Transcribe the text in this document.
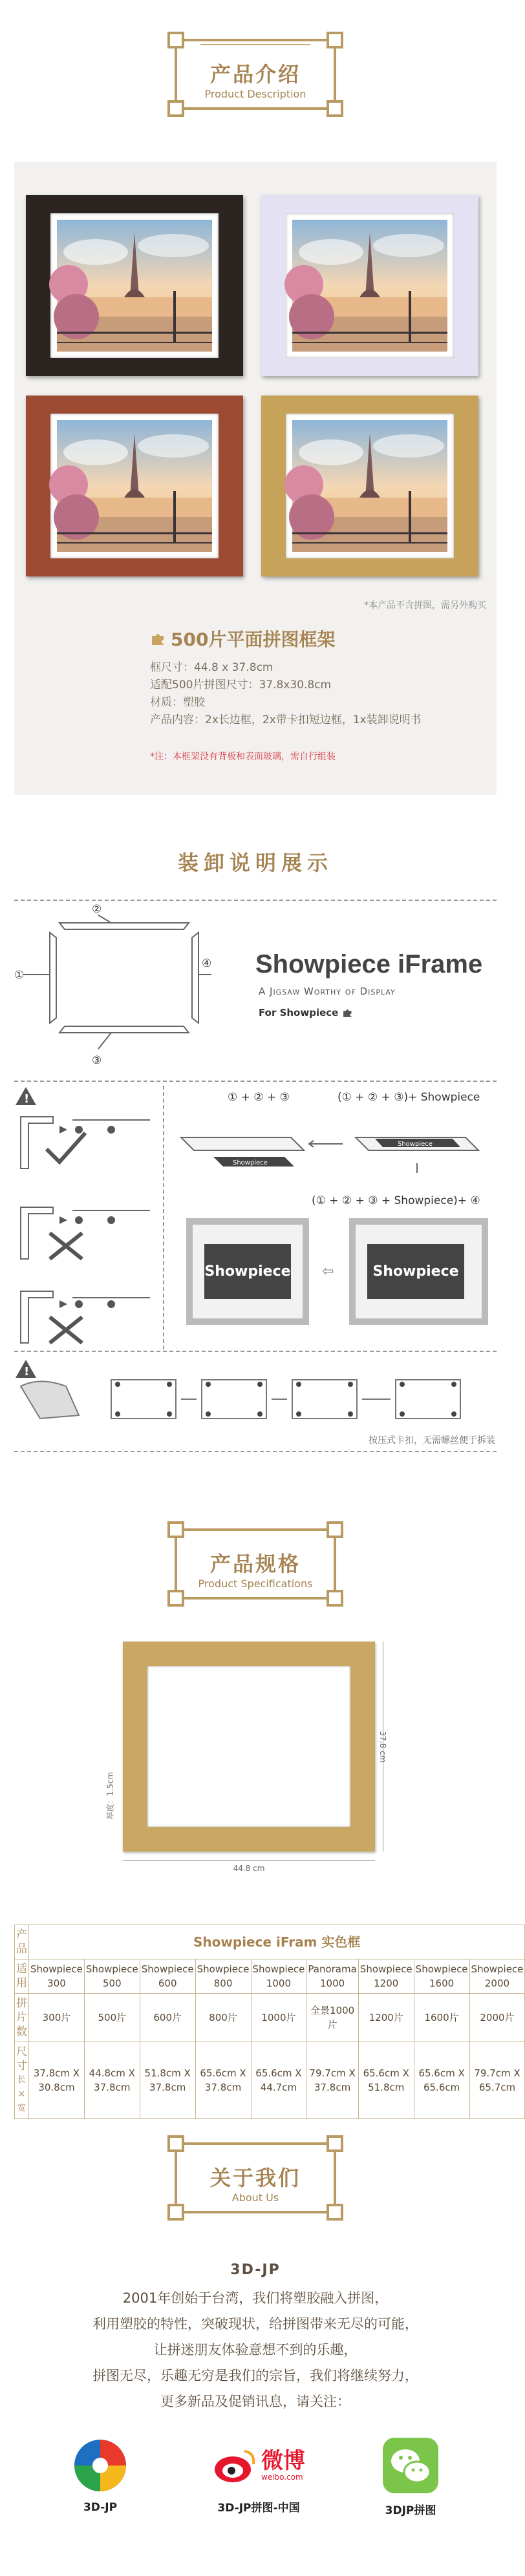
产品介绍
Product Description
*本产品不含拼图，需另外购买
500片平面拼图框架
框尺寸：44.8 x 37.8cm
适配500片拼图尺寸：37.8x30.8cm
材质：塑胶
产品内容：2x长边框，2x带卡扣短边框，1x装卸说明书
*注：本框架没有背板和表面玻璃，需自行组装
装卸说明展示
②
③
①
④ Showpiece iFrame
A Jigsaw Worthy of Display
For Showpiece
!	① + ② + ③	(① + ② + ③)+ Showpiece
Showpiece
Showpiece
(① + ② + ③ + Showpiece)+ ④
Showpiece ⇦	Showpiece
!
按压式卡扣，无需螺丝便于拆装
产品规格
Product Specifications
44.8 cm
37.8 cm
厚度：1.5cm
产品	Showpiece iFram 实色框								
适用	Showpiece 300	Showpiece 500	Showpiece 600	Showpiece 800	Showpiece 1000	Panorama 1000	Showpiece 1200	Showpiece 1600	Showpiece 2000
拼片数	300片	500片	600片	800片	1000片	全景1000片	1200片	1600片	2000片

尺寸
长×宽	37.8cm X 30.8cm	44.8cm X 37.8cm	51.8cm X 37.8cm	65.6cm X 37.8cm	65.6cm X 44.7cm	79.7cm X 37.8cm	65.6cm X 51.8cm	65.6cm X 65.6cm	79.7cm X 65.7cm
关于我们
About Us
3D-JP
2001年创始于台湾，我们将塑胶融入拼图，
利用塑胶的特性，突破现状，给拼图带来无尽的可能，
让拼迷朋友体验意想不到的乐趣，
拼图无尽，乐趣无穷是我们的宗旨，我们将继续努力，
更多新品及促销讯息，请关注：
3D-JP
微博
weibo.com
3D-JP拼图-中国	3DJP拼图
